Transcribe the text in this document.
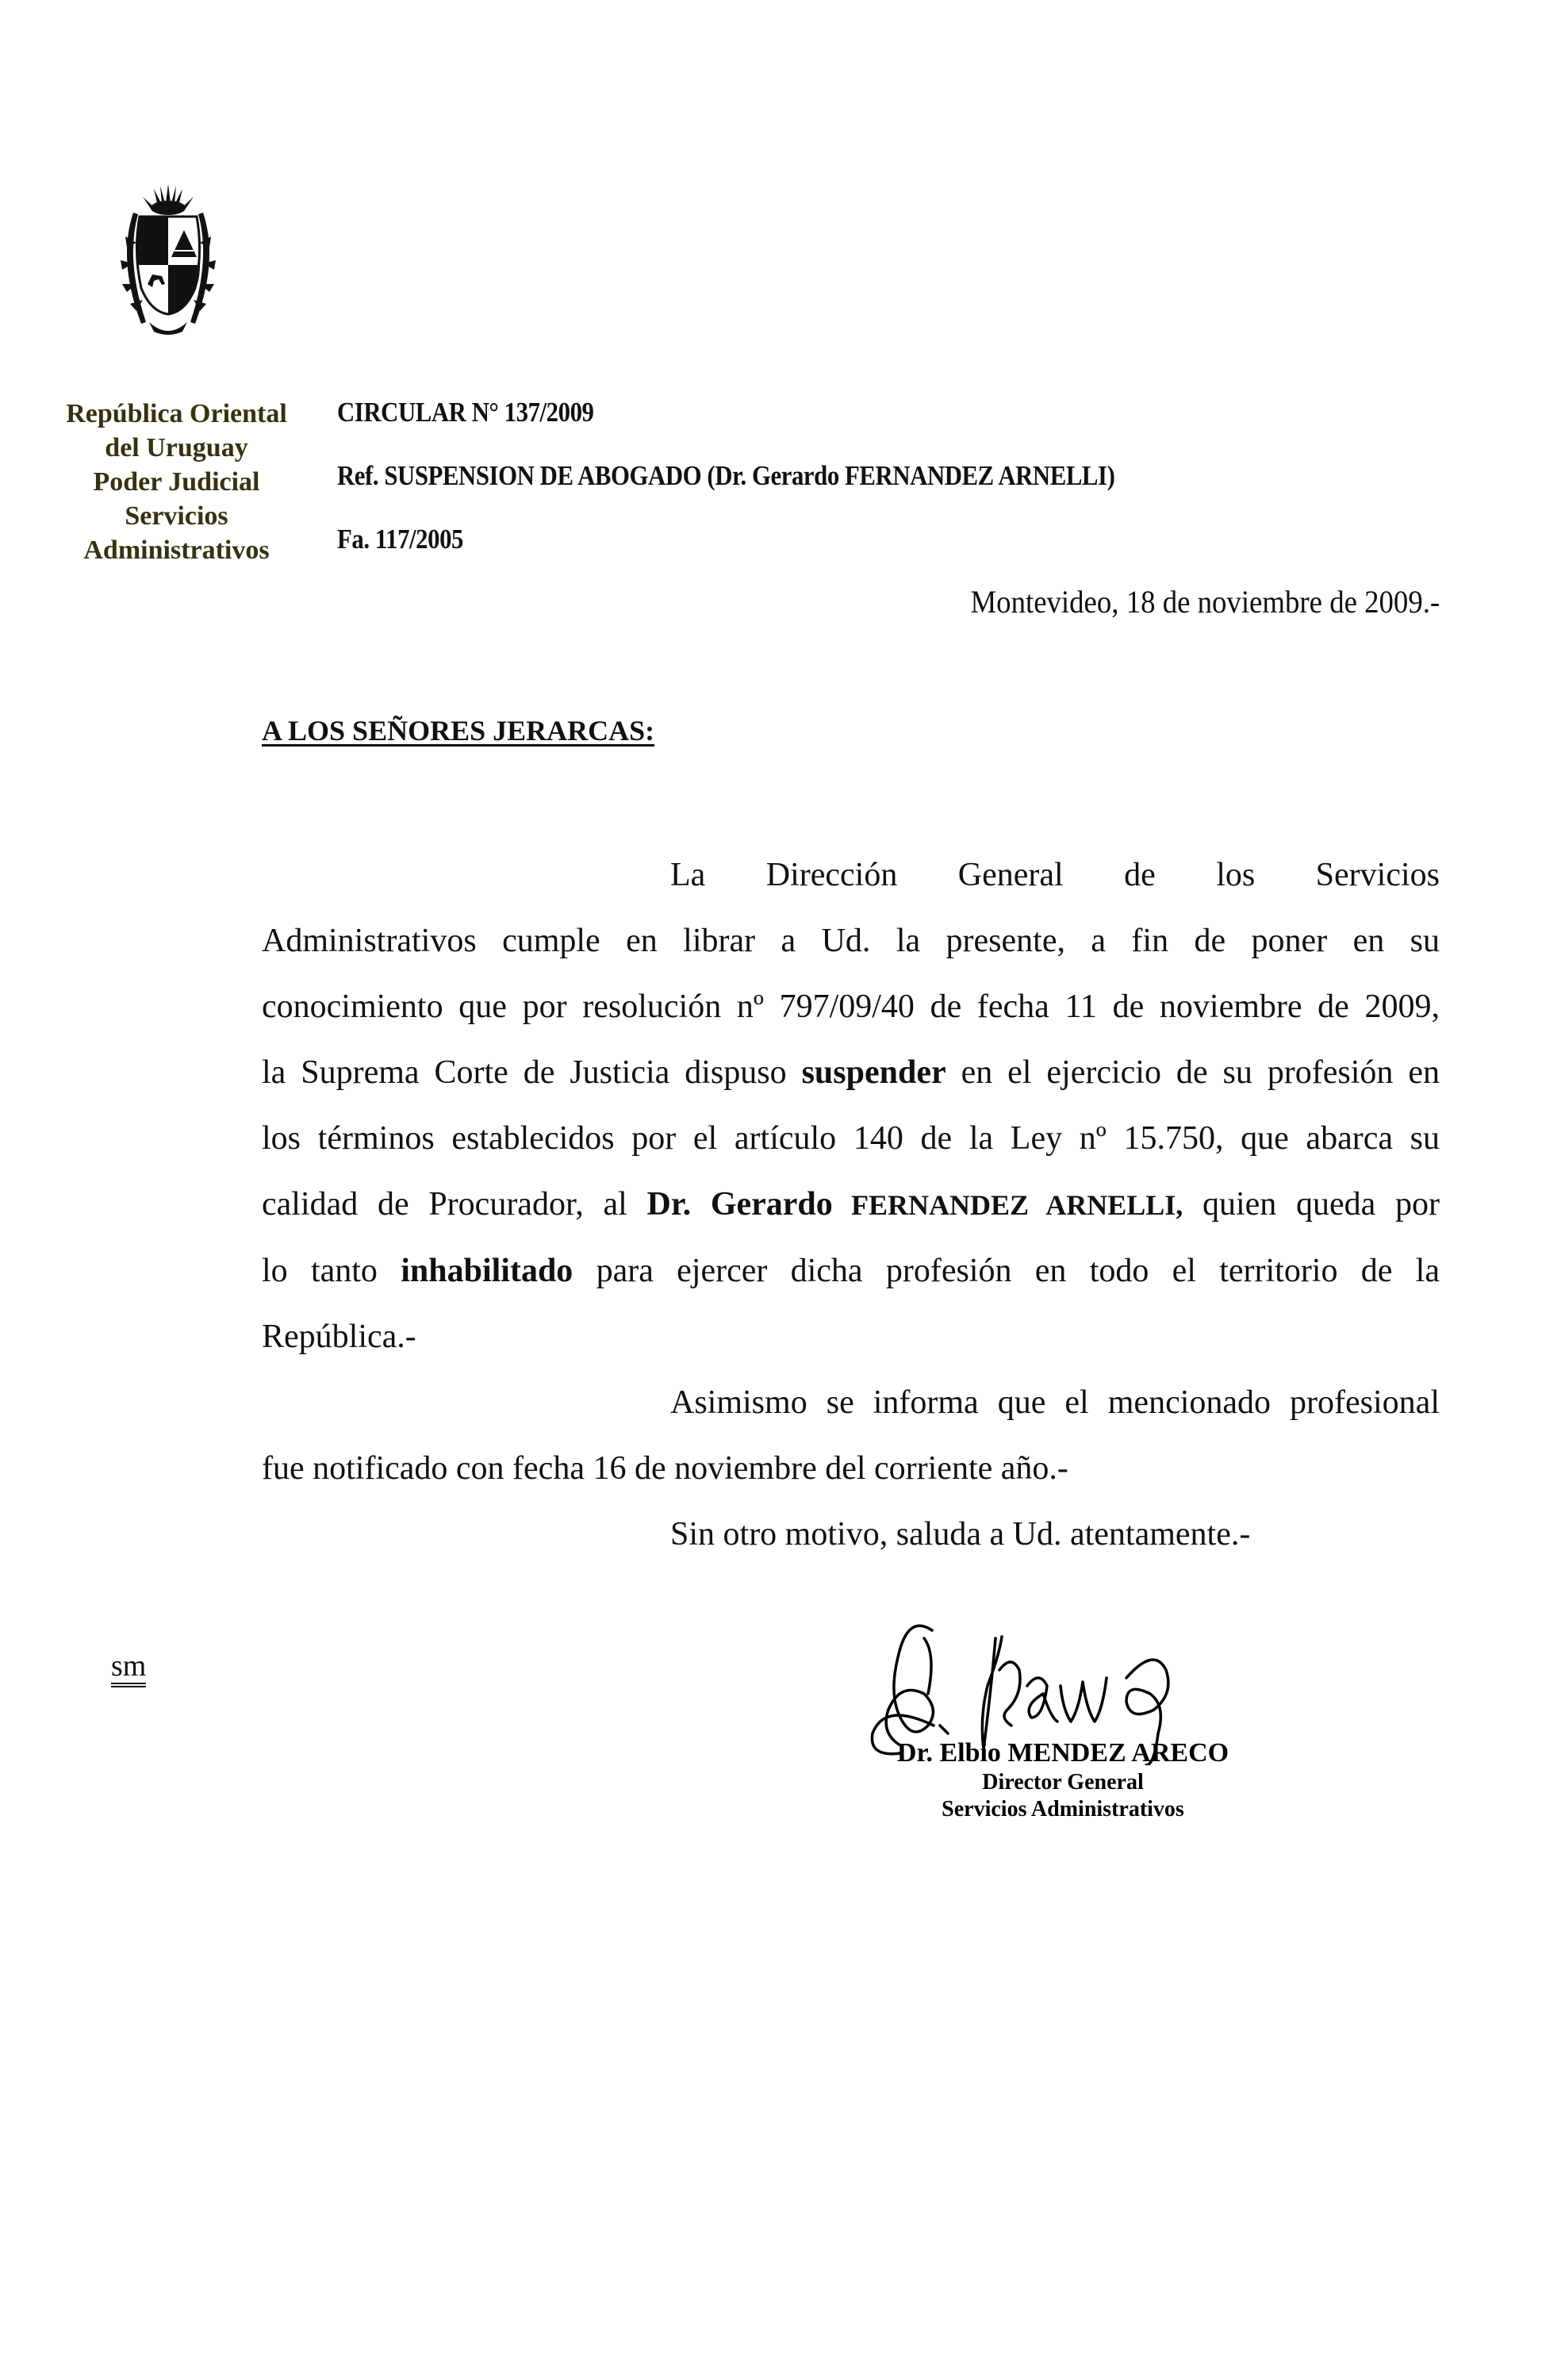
República Oriental
del Uruguay
Poder Judicial
Servicios
Administrativos
CIRCULAR N° 137/2009
Ref. SUSPENSION DE ABOGADO (Dr. Gerardo FERNANDEZ ARNELLI)
Fa. 117/2005
Montevideo, 18 de noviembre de 2009.-
A LOS SEÑORES JERARCAS:
La Dirección General de los Servicios
Administrativos cumple en librar a Ud. la presente, a fin de poner en su
conocimiento que por resolución nº 797/09/40 de fecha 11 de noviembre de 2009,
la Suprema Corte de Justicia dispuso suspender en el ejercicio de su profesión en
los términos establecidos por el artículo 140 de la Ley nº 15.750, que abarca su
calidad de Procurador, al Dr. Gerardo FERNANDEZ ARNELLI, quien queda por
lo tanto inhabilitado para ejercer dicha profesión en todo el territorio de la
República.-
Asimismo se informa que el mencionado profesional
fue notificado con fecha 16 de noviembre del corriente año.-
Sin otro motivo, saluda a Ud. atentamente.-
sm
Dr. Elbio MENDEZ ARECO
Director General
Servicios Administrativos
